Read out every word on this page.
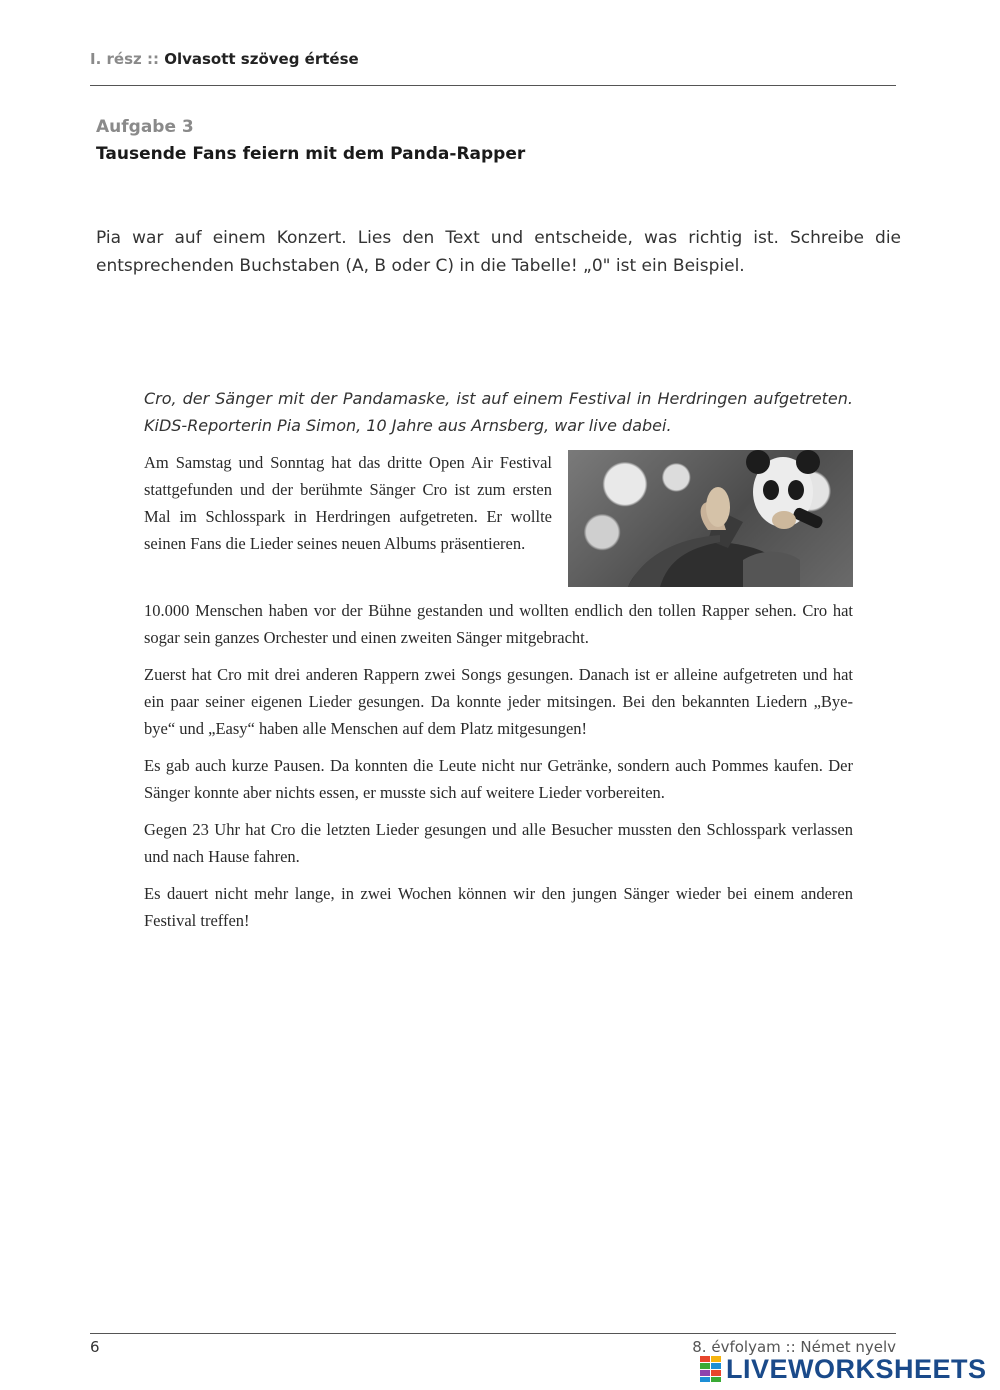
I. rész :: Olvasott szöveg értése
Aufgabe 3
Tausende Fans feiern mit dem Panda-Rapper
Pia war auf einem Konzert. Lies den Text und entscheide, was richtig ist. Schreibe die entsprechenden Buchstaben (A, B oder C) in die Tabelle! „0" ist ein Beispiel.

Cro, der Sänger mit der Pandamaske, ist auf einem Festival in Herdringen aufgetreten. KiDS-Reporterin Pia Simon, 10 Jahre aus Arnsberg, war live dabei.

Am Samstag und Sonntag hat das dritte Open Air Festival stattgefunden und der berühmte Sänger Cro ist zum ersten Mal im Schlosspark in Herdringen aufgetreten. Er wollte seinen Fans die Lieder seines neuen Albums präsentieren.

10.000 Menschen haben vor der Bühne gestanden und wollten endlich den tollen Rapper sehen. Cro hat sogar sein ganzes Orchester und einen zweiten Sänger mitgebracht.

Zuerst hat Cro mit drei anderen Rappern zwei Songs gesungen. Danach ist er alleine aufgetreten und hat ein paar seiner eigenen Lieder gesungen. Da konnte jeder mitsingen. Bei den bekannten Liedern „Bye-bye“ und „Easy“ haben alle Menschen auf dem Platz mitgesungen!

Es gab auch kurze Pausen. Da konnten die Leute nicht nur Getränke, sondern auch Pommes kaufen. Der Sänger konnte aber nichts essen, er musste sich auf weitere Lieder vorbereiten.

Gegen 23 Uhr hat Cro die letzten Lieder gesungen und alle Besucher mussten den Schlosspark verlassen und nach Hause fahren.

Es dauert nicht mehr lange, in zwei Wochen können wir den jungen Sänger wieder bei einem anderen Festival treffen!

6	8. évfolyam :: Német nyelv
LIVEWORKSHEETS
